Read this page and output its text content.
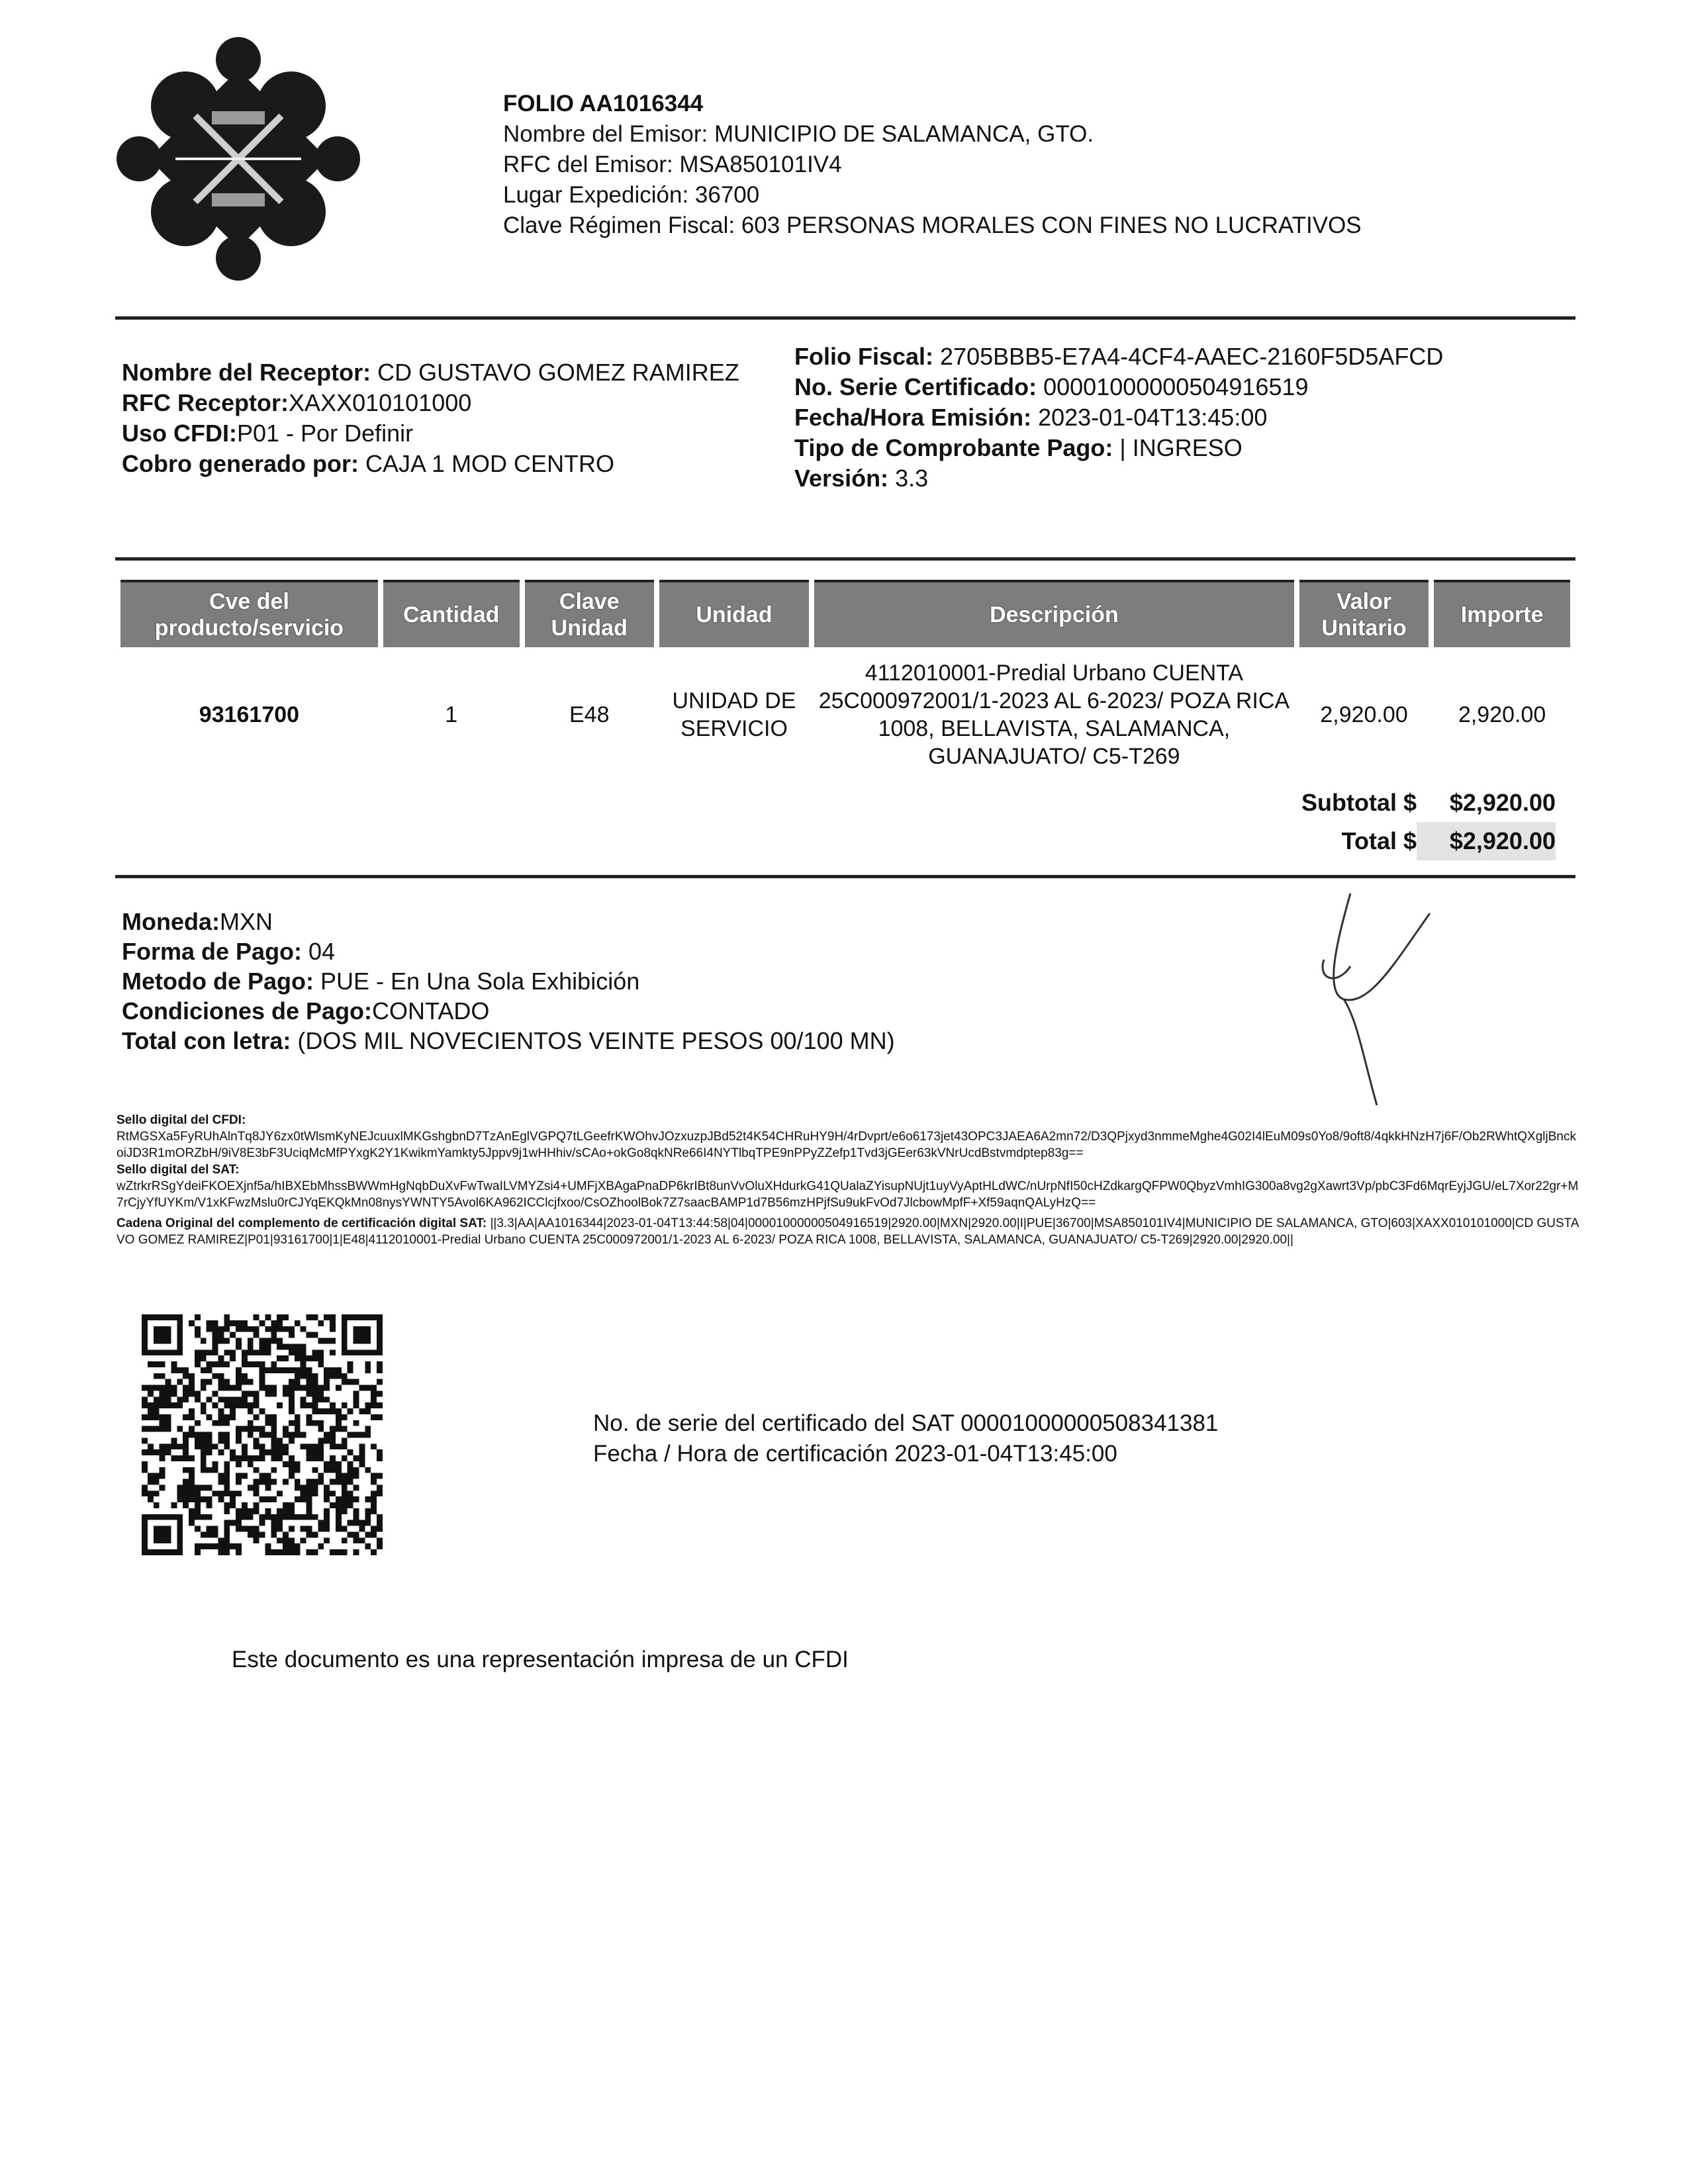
FOLIO AA1016344
Nombre del Emisor: MUNICIPIO DE SALAMANCA, GTO.
RFC del Emisor: MSA850101IV4
Lugar Expedición: 36700
Clave Régimen Fiscal: 603 PERSONAS MORALES CON FINES NO LUCRATIVOS
Nombre del Receptor: CD GUSTAVO GOMEZ RAMIREZ
RFC Receptor:XAXX010101000
Uso CFDI:P01 - Por Definir
Cobro generado por: CAJA 1 MOD CENTRO
Folio Fiscal: 2705BBB5-E7A4-4CF4-AAEC-2160F5D5AFCD
No. Serie Certificado: 00001000000504916519
Fecha/Hora Emisión: 2023-01-04T13:45:00
Tipo de Comprobante Pago: | INGRESO
Versión: 3.3
Cve del producto/servicio	Cantidad	Clave Unidad	Unidad	Descripción	Valor Unitario	Importe
93161700	1	E48	UNIDAD DE SERVICIO	4112010001-Predial Urbano CUENTA 25C000972001/1-2023 AL 6-2023/ POZA RICA 1008, BELLAVISTA, SALAMANCA, GUANAJUATO/ C5-T269	2,920.00	2,920.00
Subtotal $ $2,920.00
Total $ $2,920.00
Moneda:MXN
Forma de Pago: 04
Metodo de Pago: PUE - En Una Sola Exhibición
Condiciones de Pago:CONTADO
Total con letra: (DOS MIL NOVECIENTOS VEINTE PESOS 00/100 MN)
Sello digital del CFDI:
RtMGSXa5FyRUhAlnTq8JY6zx0tWlsmKyNEJcuuxlMKGshgbnD7TzAnEglVGPQ7tLGeefrKWOhvJOzxuzpJBd52t4K54CHRuHY9H/4rDvprt/e6o6173jet43OPC3JAEA6A2mn72/D3QPjxyd3nmmeMghe4G02I4lEuM09s0Yo8/9oft8/4qkkHNzH7j6F/Ob2RWhtQXgljBnckoiJD3R1mORZbH/9iV8E3bF3UciqMcMfPYxgK2Y1KwikmYamkty5Jppv9j1wHHhiv/sCAo+okGo8qkNRe66I4NYTlbqTPE9nPPyZZefp1Tvd3jGEer63kVNrUcdBstvmdptep83g==
Sello digital del SAT:
wZtrkrRSgYdeiFKOEXjnf5a/hIBXEbMhssBWWmHgNqbDuXvFwTwaILVMYZsi4+UMFjXBAgaPnaDP6krIBt8unVvOluXHdurkG41QUalaZYisupNUjt1uyVyAptHLdWC/nUrpNfI50cHZdkargQFPW0QbyzVmhIG300a8vg2gXawrt3Vp/pbC3Fd6MqrEyjJGU/eL7Xor22gr+M7rCjyYfUYKm/V1xKFwzMslu0rCJYqEKQkMn08nysYWNTY5Avol6KA962ICClcjfxoo/CsOZhoolBok7Z7saacBAMP1d7B56mzHPjfSu9ukFvOd7JlcbowMpfF+Xf59aqnQALyHzQ==
Cadena Original del complemento de certificación digital SAT: ||3.3|AA|AA1016344|2023-01-04T13:44:58|04|00001000000504916519|2920.00|MXN|2920.00|I|PUE|36700|MSA850101IV4|MUNICIPIO DE SALAMANCA, GTO|603|XAXX010101000|CD GUSTAVO GOMEZ RAMIREZ|P01|93161700|1|E48|4112010001-Predial Urbano CUENTA 25C000972001/1-2023 AL 6-2023/ POZA RICA 1008, BELLAVISTA, SALAMANCA, GUANAJUATO/ C5-T269|2920.00|2920.00||
No. de serie del certificado del SAT 00001000000508341381
Fecha / Hora de certificación 2023-01-04T13:45:00
Este documento es una representación impresa de un CFDI
